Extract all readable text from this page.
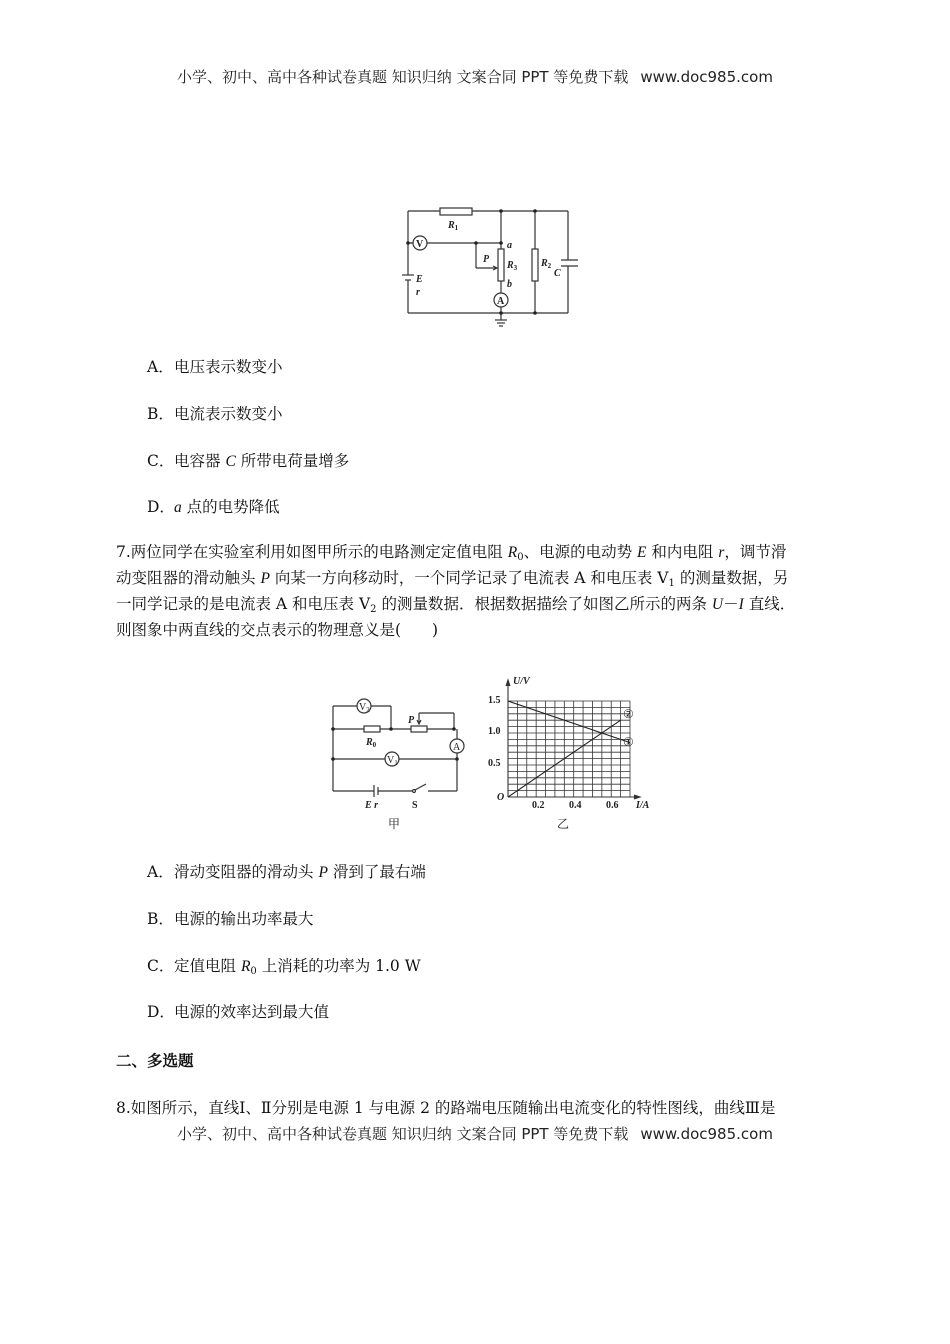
小学、初中、高中各种试卷真题 知识归纳 文案合同 PPT 等免费下载 www.doc985.com
$R_1$
V	a
P
$R_3$
b
A
$R_2$
C
E
r
A．电压表示数变小
B．电流表示数变小
C．电容器 C 所带电荷量增多
D．a 点的电势降低
7.两位同学在实验室利用如图甲所示的电路测定定值电阻 $R_0$、电源的电动势 E 和内电阻 r，调节滑
动变阻器的滑动触头 P 向某一方向移动时，一个同学记录了电流表 A 和电压表 $V_1$ 的测量数据，另
一同学记录的是电流表 A 和电压表 $V_2$ 的测量数据．根据数据描绘了如图乙所示的两条 U－I 直线．
则图象中两直线的交点表示的物理意义是(　　)
$V_2$
$R_0$
P
A
$V_1$
E r	S
甲
U/V
1.5
1.0
0.5
O
0.2 0.4 0.6 I/A
②
①
乙
A．滑动变阻器的滑动头 P 滑到了最右端
B．电源的输出功率最大
C．定值电阻 $R_0$ 上消耗的功率为 1.0 W
D．电源的效率达到最大值
二、多选题
8.如图所示，直线Ⅰ、Ⅱ分别是电源 1 与电源 2 的路端电压随输出电流变化的特性图线，曲线Ⅲ是
小学、初中、高中各种试卷真题 知识归纳 文案合同 PPT 等免费下载 www.doc985.com
